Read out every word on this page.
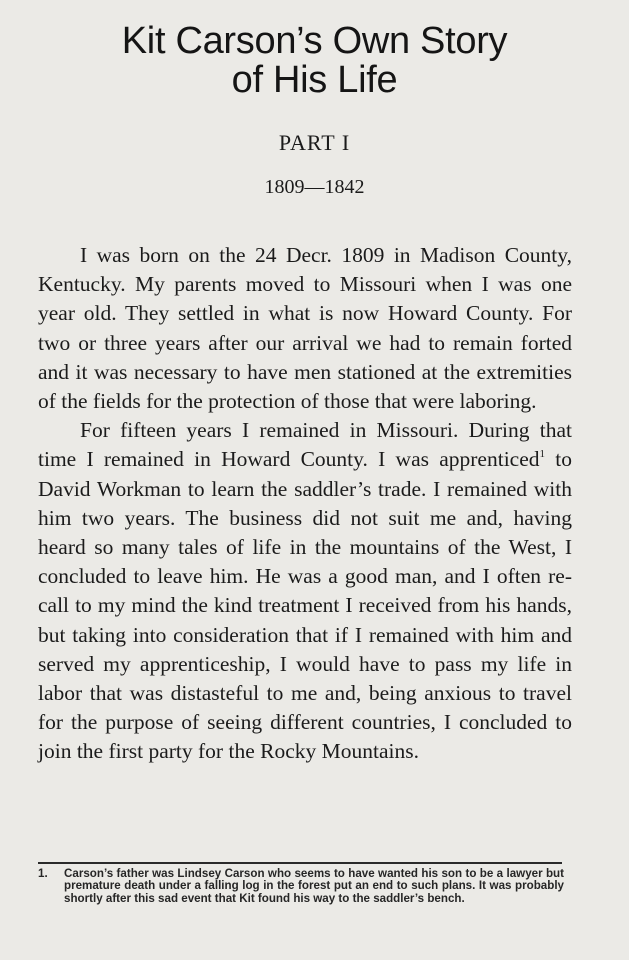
Kit Carson’s Own Story
of His Life
PART I
1809—1842

I was born on the 24 Decr. 1809 in Madison County, Kentucky. My parents moved to Missouri when I was one year old. They settled in what is now Howard County. For two or three years after our arrival we had to remain forted and it was necessary to have men stationed at the extremities of the fields for the protection of those that were laboring.

For fifteen years I remained in Missouri. During that time I remained in Howard County. I was apprenticed$^1$ to David Workman to learn the saddler’s trade. I remained with him two years. The business did not suit me and, having heard so many tales of life in the mountains of the West, I concluded to leave him. He was a good man, and I often recall to my mind the kind treatment I received from his hands, but taking into consideration that if I remained with him and served my apprenticeship, I would have to pass my life in labor that was distasteful to me and, being anxious to travel for the purpose of seeing different countries, I concluded to join the first party for the Rocky Mountains.

1. Carson’s father was Lindsey Carson who seems to have wanted his son to be a lawyer but premature death under a falling log in the forest put an end to such plans. It was probably shortly after this sad event that Kit found his way to the saddler’s bench.
